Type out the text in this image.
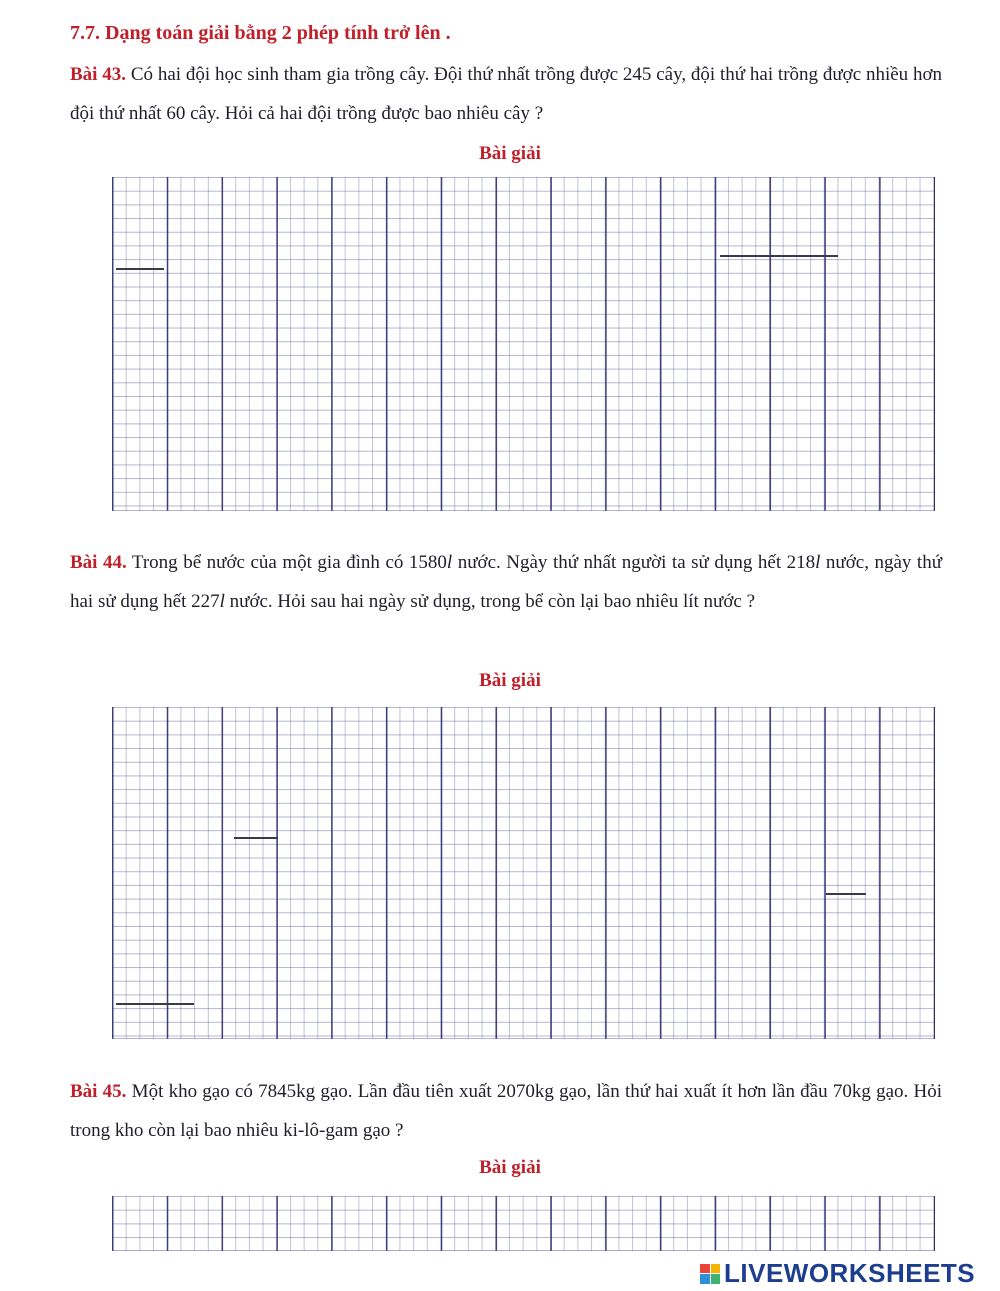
7.7. Dạng toán giải bằng 2 phép tính trở lên .

Bài 43. Có hai đội học sinh tham gia trồng cây. Đội thứ nhất trồng được 245 cây, đội thứ hai trồng được nhiều hơn đội thứ nhất 60 cây. Hỏi cả hai đội trồng được bao nhiêu cây ?

Bài giải

Bài 44. Trong bể nước của một gia đình có 1580l nước. Ngày thứ nhất người ta sử dụng hết 218l nước, ngày thứ hai sử dụng hết 227l nước. Hỏi sau hai ngày sử dụng, trong bể còn lại bao nhiêu lít nước ?

Bài giải

Bài 45. Một kho gạo có 7845kg gạo. Lần đầu tiên xuất 2070kg gạo, lần thứ hai xuất ít hơn lần đầu 70kg gạo. Hỏi trong kho còn lại bao nhiêu ki-lô-gam gạo ?

Bài giải
LIVEWORKSHEETS
